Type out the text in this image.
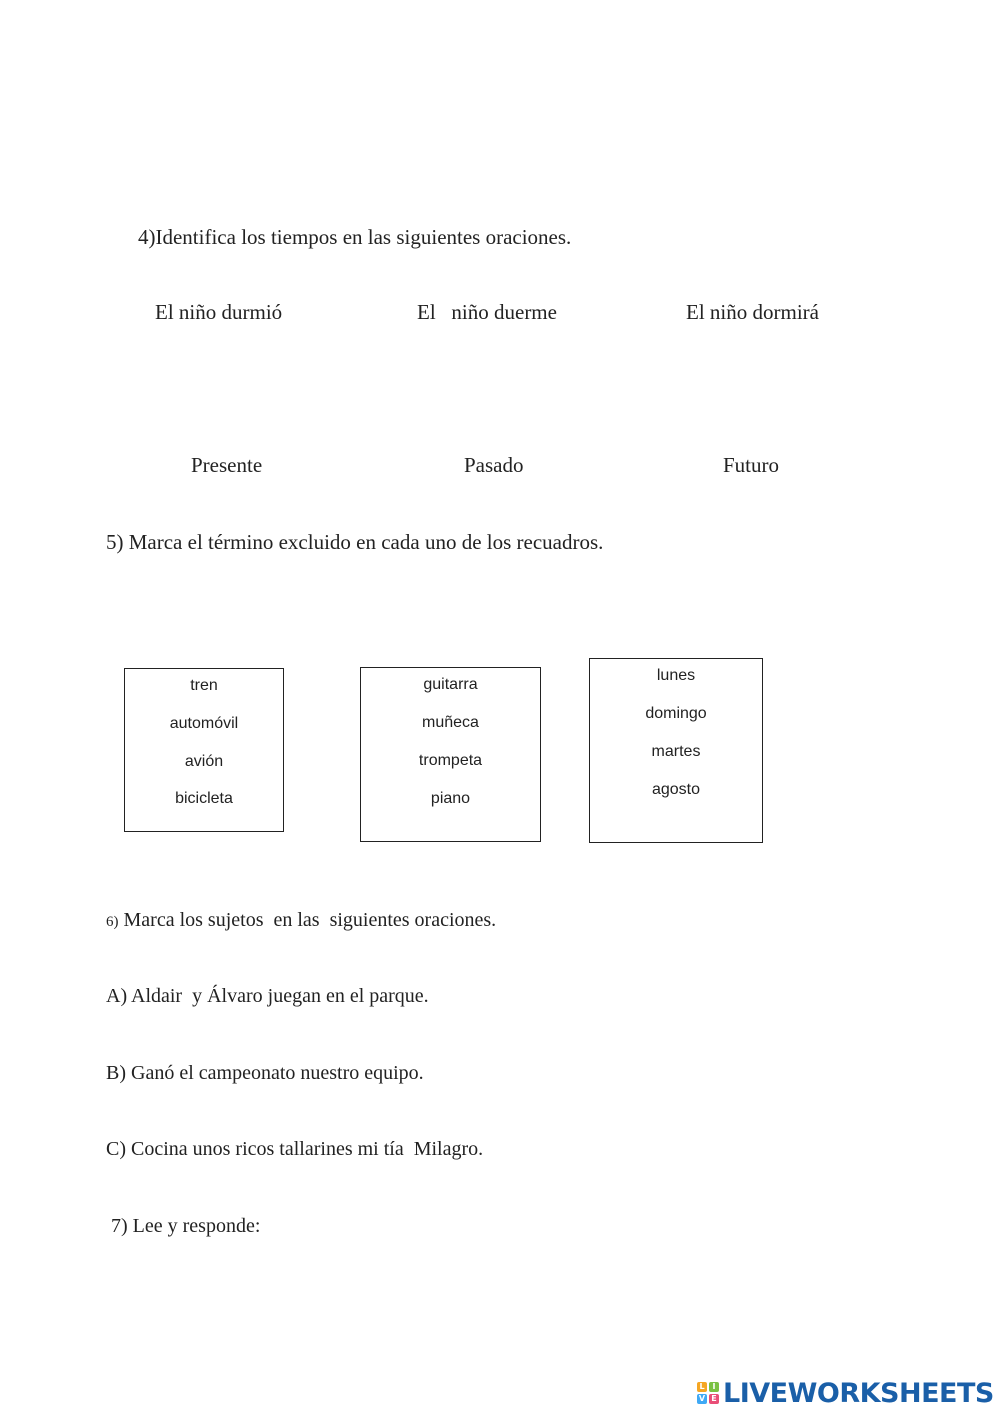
4)Identifica los tiempos en las siguientes oraciones.
El niño durmió	El   niño duerme	El niño dormirá
Presente	Pasado	Futuro
5) Marca el término excluido en cada uno de los recuadros.
tren
automóvil
avión
bicicleta
guitarra
muñeca
trompeta
piano
lunes
domingo
martes
agosto
6) Marca los sujetos  en las  siguientes oraciones.
A) Aldair  y Álvaro juegan en el parque.
B) Ganó el campeonato nuestro equipo.
C) Cocina unos ricos tallarines mi tía  Milagro.
7) Lee y responde:
L I
V E LIVEWORKSHEETS
